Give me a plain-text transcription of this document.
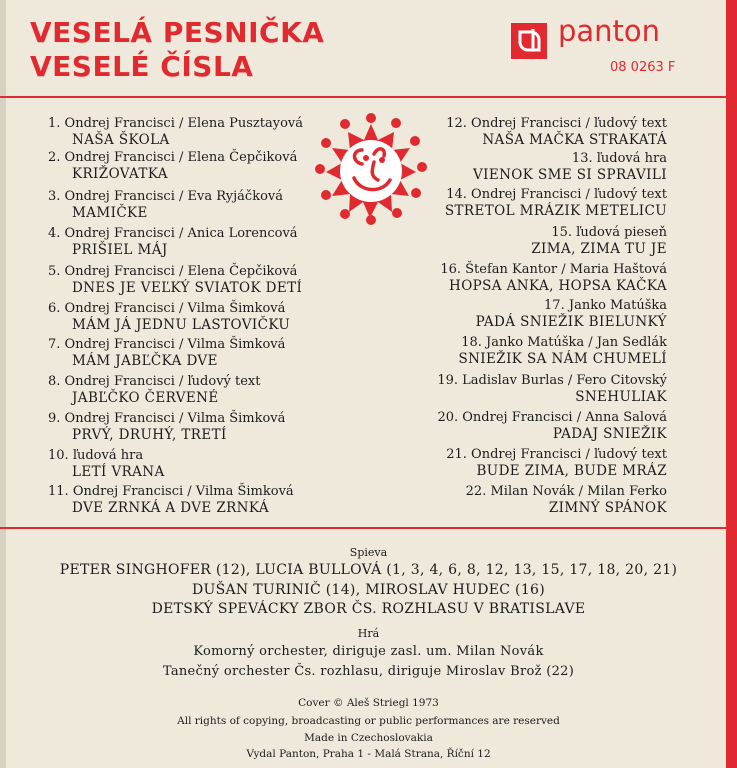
VESELÁ PESNIČKA
VESELÉ ČÍSLA
panton
08 0263 F
1. Ondrej Francisci / Elena Pusztayová
NAŠA ŠKOLA
2. Ondrej Francisci / Elena Čepčiková
KRIŽOVATKA
3. Ondrej Francisci / Eva Ryjáčková
MAMIČKE
4. Ondrej Francisci / Anica Lorencová
PRIŠIEL MÁJ
5. Ondrej Francisci / Elena Čepčiková
DNES JE VEĽKÝ SVIATOK DETÍ
6. Ondrej Francisci / Vilma Šimková
MÁM JÁ JEDNU LASTOVIČKU
7. Ondrej Francisci / Vilma Šimková
MÁM JABĽČKA DVE
8. Ondrej Francisci / ľudový text
JABĽČKO ČERVENÉ
9. Ondrej Francisci / Vilma Šimková
PRVÝ, DRUHÝ, TRETÍ
10. ľudová hra
LETÍ VRANA
11. Ondrej Francisci / Vilma Šimková
DVE ZRNKÁ A DVE ZRNKÁ
12. Ondrej Francisci / ľudový text
NAŠA MAČKA STRAKATÁ
13. ľudová hra
VIENOK SME SI SPRAVILI
14. Ondrej Francisci / ľudový text
STRETOL MRÁZIK METELICU
15. ľudová pieseň
ZIMA, ZIMA TU JE
16. Štefan Kantor / Maria Haštová
HOPSA ANKA, HOPSA KAČKA
17. Janko Matúška
PADÁ SNIEŽIK BIELUNKÝ
18. Janko Matúška / Jan Sedlák
SNIEŽIK SA NÁM CHUMELÍ
19. Ladislav Burlas / Fero Citovský
SNEHULIAK
20. Ondrej Francisci / Anna Salová
PADAJ SNIEŽIK
21. Ondrej Francisci / ľudový text
BUDE ZIMA, BUDE MRÁZ
22. Milan Novák / Milan Ferko
ZIMNÝ SPÁNOK
Spieva
PETER SINGHOFER (12), LUCIA BULLOVÁ (1, 3, 4, 6, 8, 12, 13, 15, 17, 18, 20, 21)
DUŠAN TURINIČ (14), MIROSLAV HUDEC (16)
DETSKÝ SPEVÁCKY ZBOR ČS. ROZHLASU V BRATISLAVE
Hrá
Komorný orchester, diriguje zasl. um. Milan Novák
Tanečný orchester Čs. rozhlasu, diriguje Miroslav Brož (22)
Cover © Aleš Striegl 1973
All rights of copying, broadcasting or public performances are reserved
Made in Czechoslovakia
Vydal Panton, Praha 1 - Malá Strana, Říční 12
